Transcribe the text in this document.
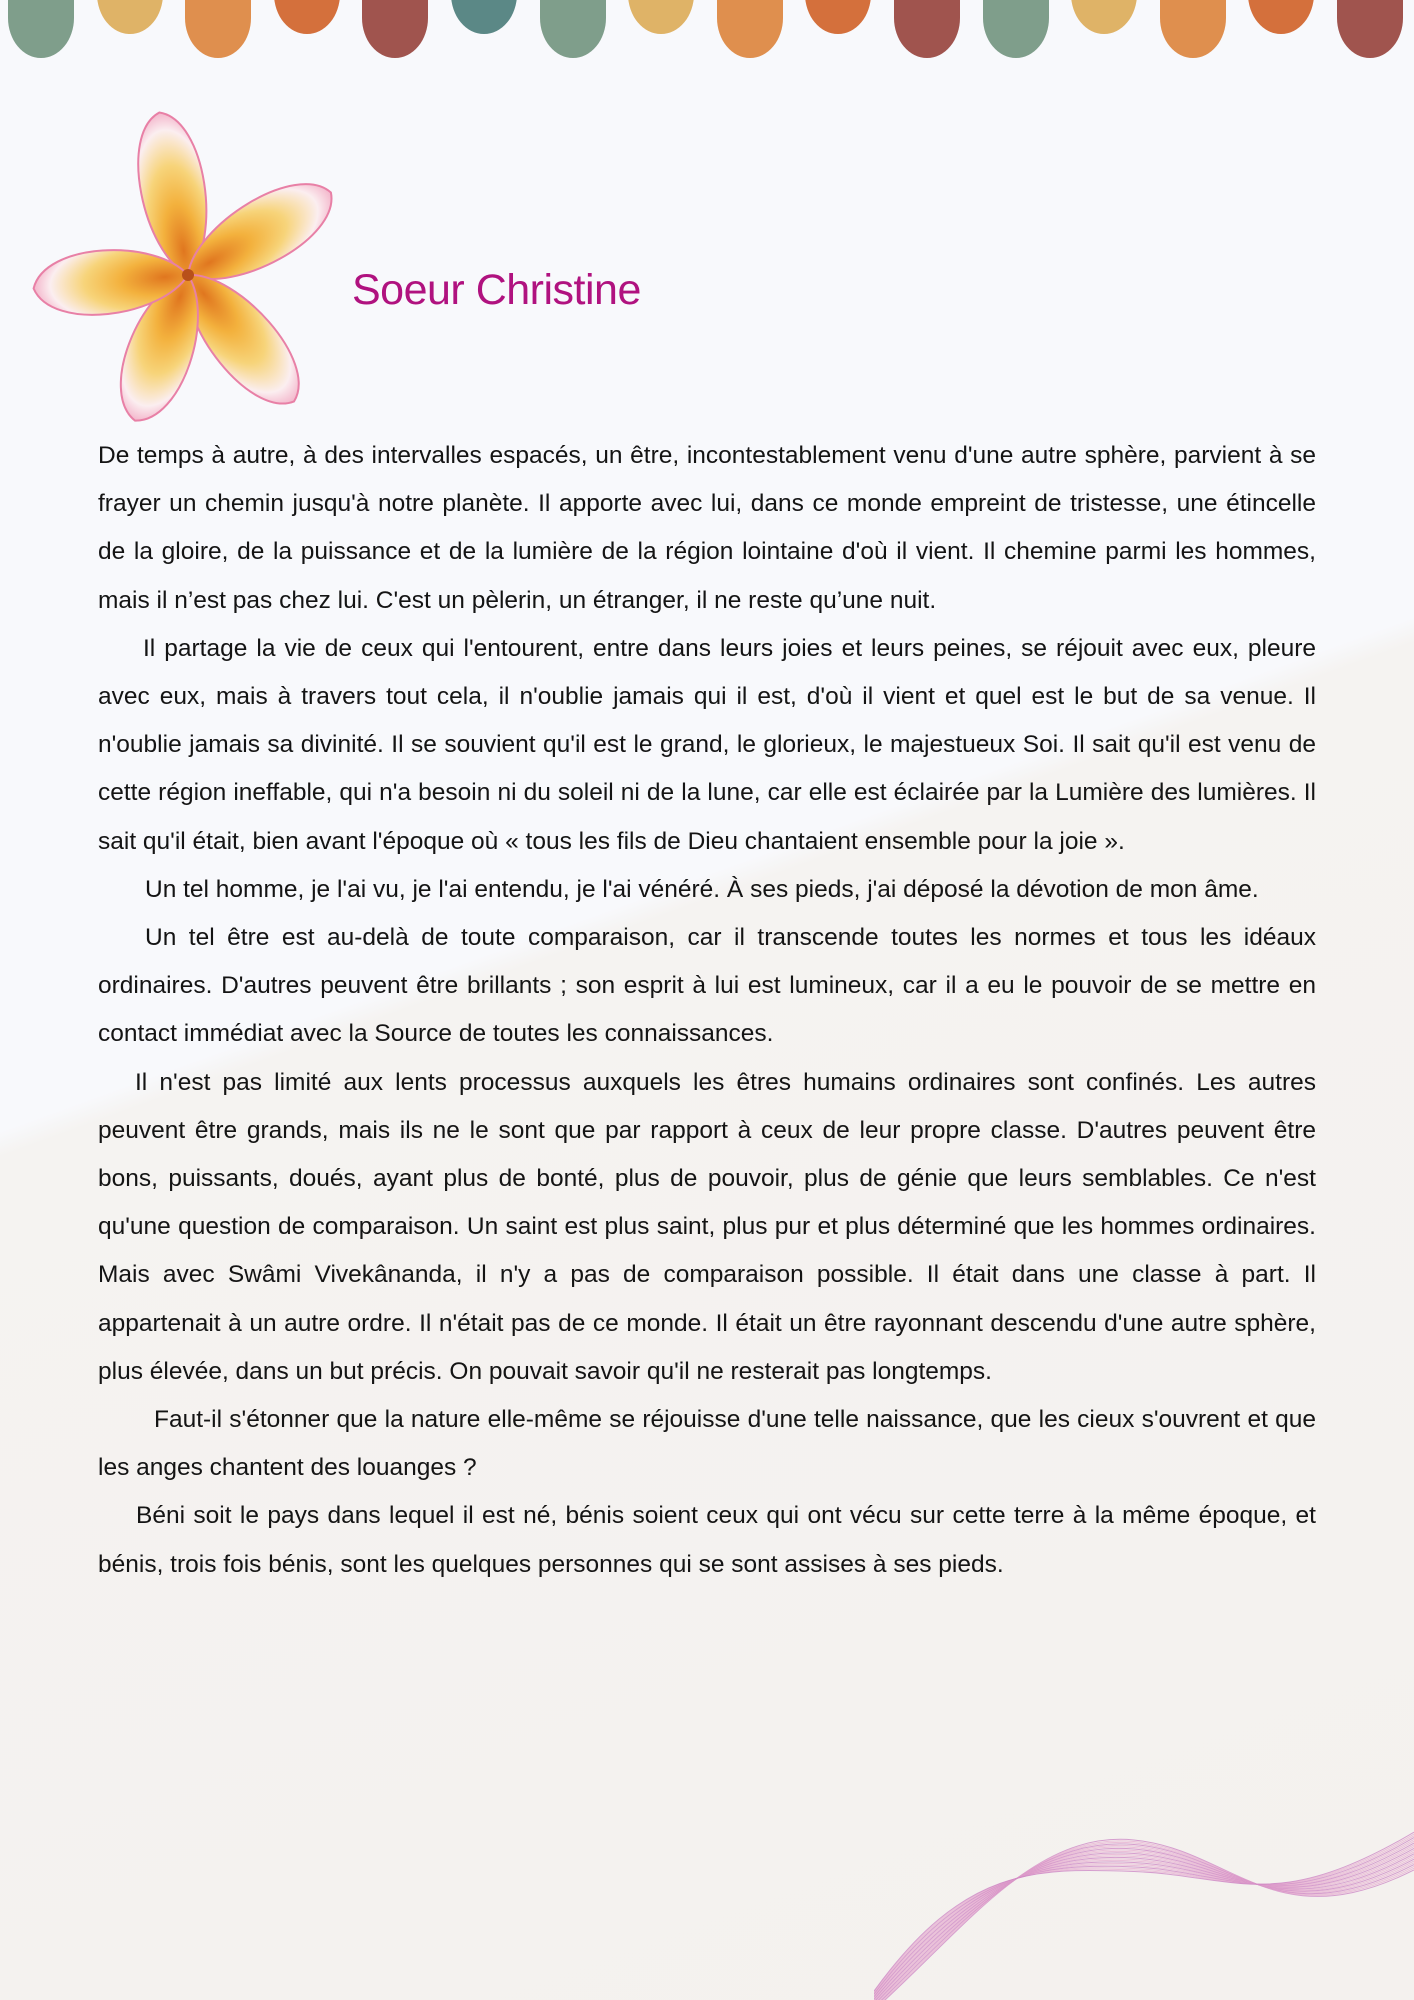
Soeur Christine

De temps à autre, à des intervalles espacés, un être, incontestablement venu d'une autre sphère, parvient à se frayer un chemin jusqu'à notre planète. Il apporte avec lui, dans ce monde empreint de tristesse, une étincelle de la gloire, de la puissance et de la lumière de la région lointaine d'où il vient. Il chemine parmi les hommes, mais il n’est pas chez lui. C'est un pèlerin, un étranger, il ne reste qu’une nuit.

Il partage la vie de ceux qui l'entourent, entre dans leurs joies et leurs peines, se réjouit avec eux, pleure avec eux, mais à travers tout cela, il n'oublie jamais qui il est, d'où il vient et quel est le but de sa venue. Il n'oublie jamais sa divinité. Il se souvient qu'il est le grand, le glorieux, le majestueux Soi. Il sait qu'il est venu de cette région ineffable, qui n'a besoin ni du soleil ni de la lune, car elle est éclairée par la Lumière des lumières. Il sait qu'il était, bien avant l'époque où « tous les fils de Dieu chantaient ensemble pour la joie ».

Un tel homme, je l'ai vu, je l'ai entendu, je l'ai vénéré. À ses pieds, j'ai déposé la dévotion de mon âme.

Un tel être est au-delà de toute comparaison, car il transcende toutes les normes et tous les idéaux ordinaires. D'autres peuvent être brillants ; son esprit à lui est lumineux, car il a eu le pouvoir de se mettre en contact immédiat avec la Source de toutes les connaissances.

Il n'est pas limité aux lents processus auxquels les êtres humains ordinaires sont confinés. Les autres peuvent être grands, mais ils ne le sont que par rapport à ceux de leur propre classe. D'autres peuvent être bons, puissants, doués, ayant plus de bonté, plus de pouvoir, plus de génie que leurs semblables. Ce n'est qu'une question de comparaison. Un saint est plus saint, plus pur et plus déterminé que les hommes ordinaires. Mais avec Swâmi Vivekânanda, il n'y a pas de comparaison possible. Il était dans une classe à part. Il appartenait à un autre ordre. Il n'était pas de ce monde. Il était un être rayonnant descendu d'une autre sphère, plus élevée, dans un but précis. On pouvait savoir qu'il ne resterait pas longtemps.

Faut-il s'étonner que la nature elle-même se réjouisse d'une telle naissance, que les cieux s'ouvrent et que les anges chantent des louanges ?

Béni soit le pays dans lequel il est né, bénis soient ceux qui ont vécu sur cette terre à la même époque, et bénis, trois fois bénis, sont les quelques personnes qui se sont assises à ses pieds.
